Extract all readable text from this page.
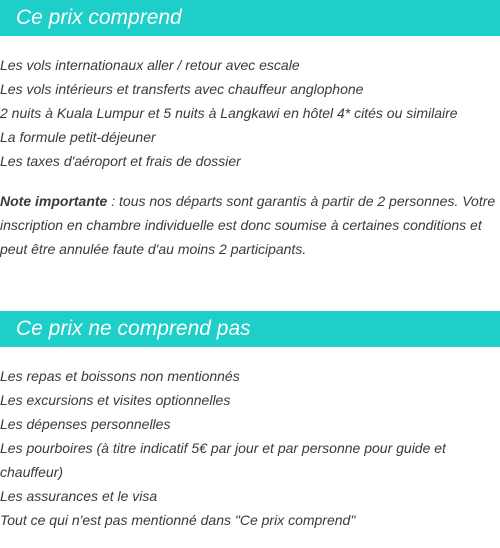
Ce prix comprend
Les vols internationaux aller / retour avec escale
Les vols intérieurs et transferts avec chauffeur anglophone
2 nuits à Kuala Lumpur et 5 nuits à Langkawi en hôtel 4* cités ou similaire
La formule petit-déjeuner
Les taxes d'aéroport et frais de dossier

Note importante : tous nos départs sont garantis à partir de 2 personnes. Votre inscription en chambre individuelle est donc soumise à certaines conditions et peut être annulée faute d'au moins 2 participants.

Ce prix ne comprend pas
Les repas et boissons non mentionnés
Les excursions et visites optionnelles
Les dépenses personnelles
Les pourboires (à titre indicatif 5€ par jour et par personne pour guide et chauffeur)
Les assurances et le visa
Tout ce qui n'est pas mentionné dans "Ce prix comprend"
